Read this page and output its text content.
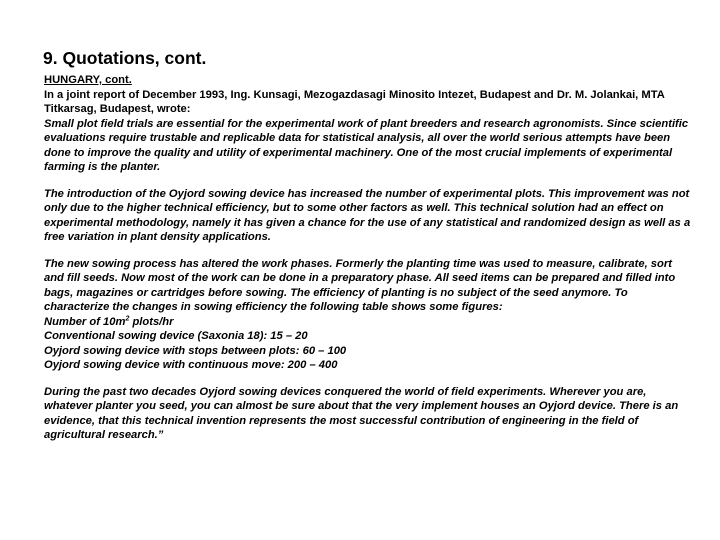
9. Quotations, cont.

HUNGARY, cont.

In a joint report of December 1993, Ing. Kunsagi, Mezogazdasagi Minosito Intezet, Budapest and Dr. M. Jolankai, MTA Titkarsag, Budapest, wrote:

Small plot field trials are essential for the experimental work of plant breeders and research agronomists. Since scientific evaluations require trustable and replicable data for statistical analysis, all over the world serious attempts have been done to improve the quality and utility of experimental machinery. One of the most crucial implements of experimental farming is the planter.

The introduction of the Oyjord sowing device has increased the number of experimental plots. This improvement was not only due to the higher technical efficiency, but to some other factors as well. This technical solution had an effect on experimental methodology, namely it has given a chance for the use of any statistical and randomized design as well as a free variation in plant density applications.

The new sowing process has altered the work phases. Formerly the planting time was used to measure, calibrate, sort and fill seeds. Now most of the work can be done in a preparatory phase. All seed items can be prepared and filled into bags, magazines or cartridges before sowing. The efficiency of planting is no subject of the seed anymore. To characterize the changes in sowing efficiency the following table shows some figures:

Number of $10m^2$ plots/hr

Conventional sowing device (Saxonia 18): 15 – 20

Oyjord sowing device with stops between plots: 60 – 100

Oyjord sowing device with continuous move: 200 – 400

During the past two decades Oyjord sowing devices conquered the world of field experiments. Wherever you are, whatever planter you seed, you can almost be sure about that the very implement houses an Oyjord device. There is an evidence, that this technical invention represents the most successful contribution of engineering in the field of agricultural research.”
